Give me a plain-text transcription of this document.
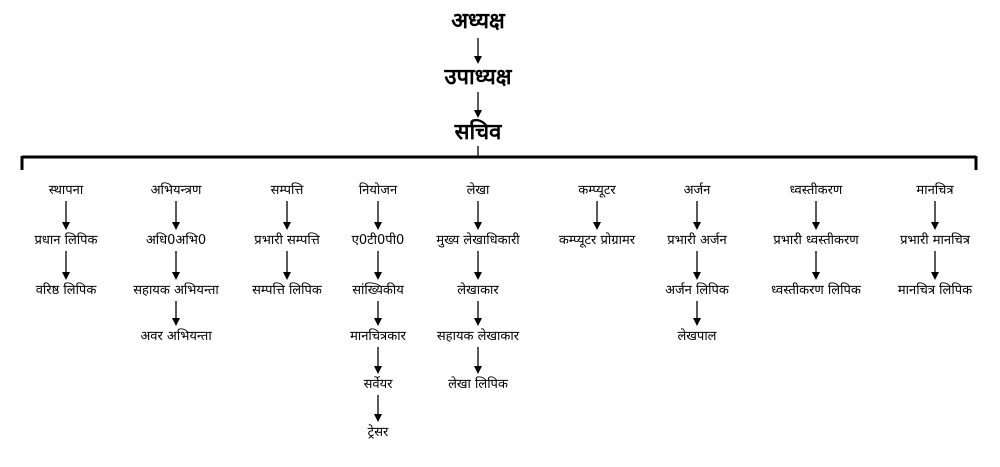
अध्यक्ष
उपाध्यक्ष
सचिव
स्थापना
प्रधान लिपिक
वरिष्ठ लिपिक
अभियन्त्रण
अधि0अभि0
सहायक अभियन्ता
अवर अभियन्ता
सम्पत्ति
प्रभारी सम्पत्ति
सम्पत्ति लिपिक
नियोजन
ए0टी0पी0
सांख्यिकीय
मानचित्रकार
सर्वेयर
ट्रेसर
लेखा
मुख्य लेखाधिकारी
लेखाकार
सहायक लेखाकार
लेखा लिपिक
कम्प्यूटर
कम्प्यूटर प्रोग्रामर
अर्जन
प्रभारी अर्जन
अर्जन लिपिक
लेखपाल
ध्वस्तीकरण
प्रभारी ध्वस्तीकरण
ध्वस्तीकरण लिपिक
मानचित्र
प्रभारी मानचित्र
मानचित्र लिपिक
